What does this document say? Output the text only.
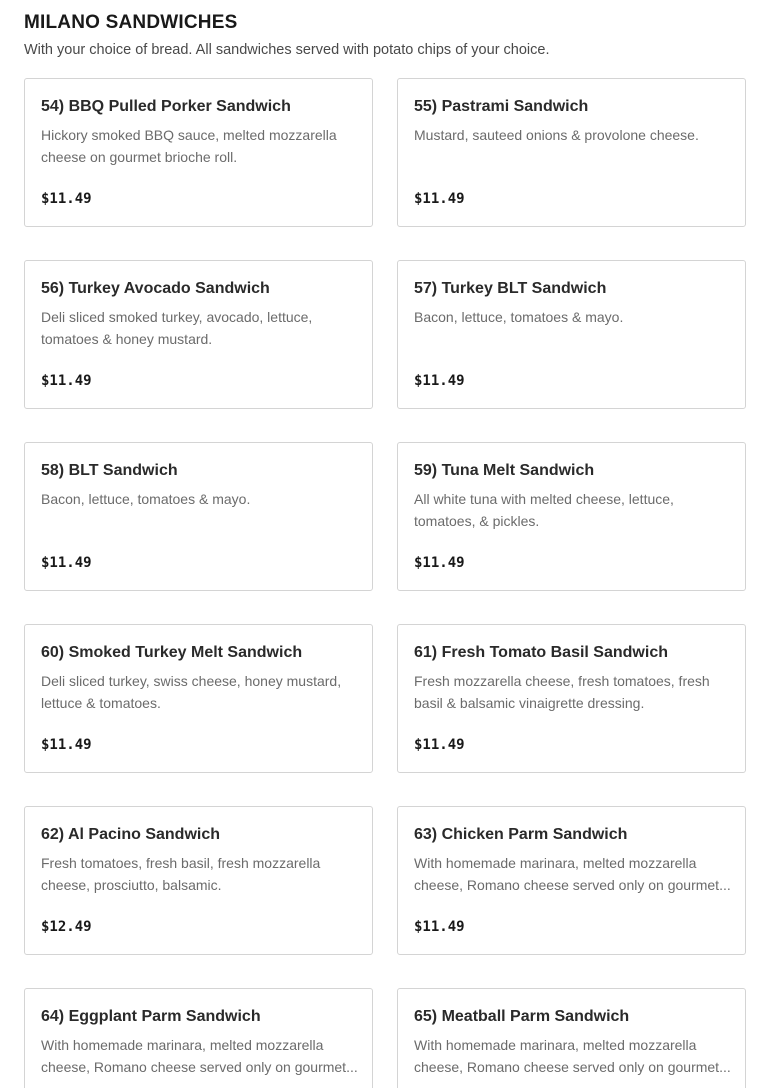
MILANO SANDWICHES

With your choice of bread. All sandwiches served with potato chips of your choice.

54) BBQ Pulled Porker Sandwich
Hickory smoked BBQ sauce, melted mozzarella cheese on gourmet brioche roll.
$11.49
55) Pastrami Sandwich
Mustard, sauteed onions & provolone cheese.
$11.49
56) Turkey Avocado Sandwich
Deli sliced smoked turkey, avocado, lettuce, tomatoes & honey mustard.
$11.49
57) Turkey BLT Sandwich
Bacon, lettuce, tomatoes & mayo.
$11.49
58) BLT Sandwich
Bacon, lettuce, tomatoes & mayo.
$11.49
59) Tuna Melt Sandwich
All white tuna with melted cheese, lettuce, tomatoes, & pickles.
$11.49
60) Smoked Turkey Melt Sandwich
Deli sliced turkey, swiss cheese, honey mustard, lettuce & tomatoes.
$11.49
61) Fresh Tomato Basil Sandwich
Fresh mozzarella cheese, fresh tomatoes, fresh basil & balsamic vinaigrette dressing.
$11.49
62) Al Pacino Sandwich
Fresh tomatoes, fresh basil, fresh mozzarella cheese, prosciutto, balsamic.
$12.49
63) Chicken Parm Sandwich
With homemade marinara, melted mozzarella cheese, Romano cheese served only on gourmet...
$11.49
64) Eggplant Parm Sandwich
With homemade marinara, melted mozzarella cheese, Romano cheese served only on gourmet...
65) Meatball Parm Sandwich
With homemade marinara, melted mozzarella cheese, Romano cheese served only on gourmet...
